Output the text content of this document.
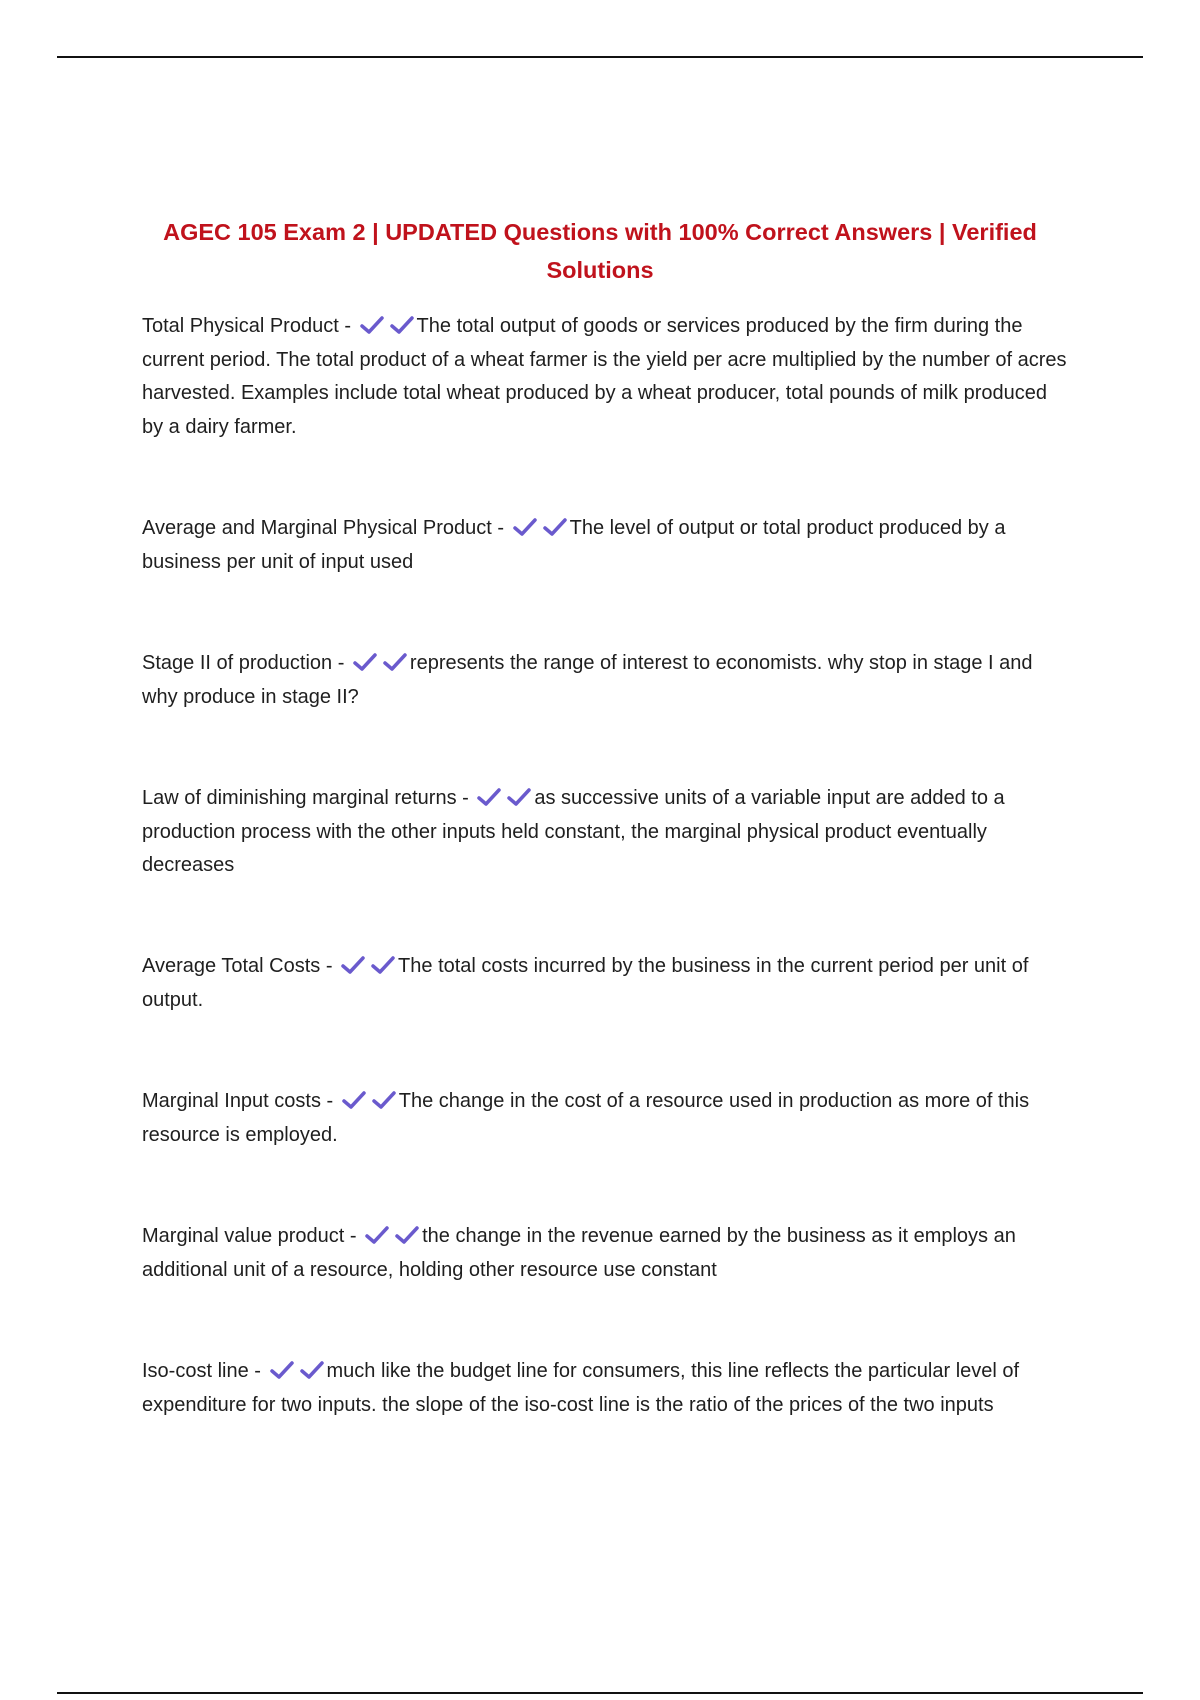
AGEC 105 Exam 2 | UPDATED Questions with 100% Correct Answers | Verified Solutions

Total Physical Product -	The total output of goods or services produced by the firm during the current period. The total product of a wheat farmer is the yield per acre multiplied by the number of acres harvested. Examples include total wheat produced by a wheat producer, total pounds of milk produced by a dairy farmer.

Average and Marginal Physical Product -	The level of output or total product produced by a business per unit of input used

Stage II of production -	represents the range of interest to economists. why stop in stage I and why produce in stage II?

Law of diminishing marginal returns -	as successive units of a variable input are added to a production process with the other inputs held constant, the marginal physical product eventually decreases

Average Total Costs -	The total costs incurred by the business in the current period per unit of output.

Marginal Input costs -	The change in the cost of a resource used in production as more of this resource is employed.

Marginal value product -	the change in the revenue earned by the business as it employs an additional unit of a resource, holding other resource use constant

Iso-cost line -	much like the budget line for consumers, this line reflects the particular level of expenditure for two inputs. the slope of the iso-cost line is the ratio of the prices of the two inputs
